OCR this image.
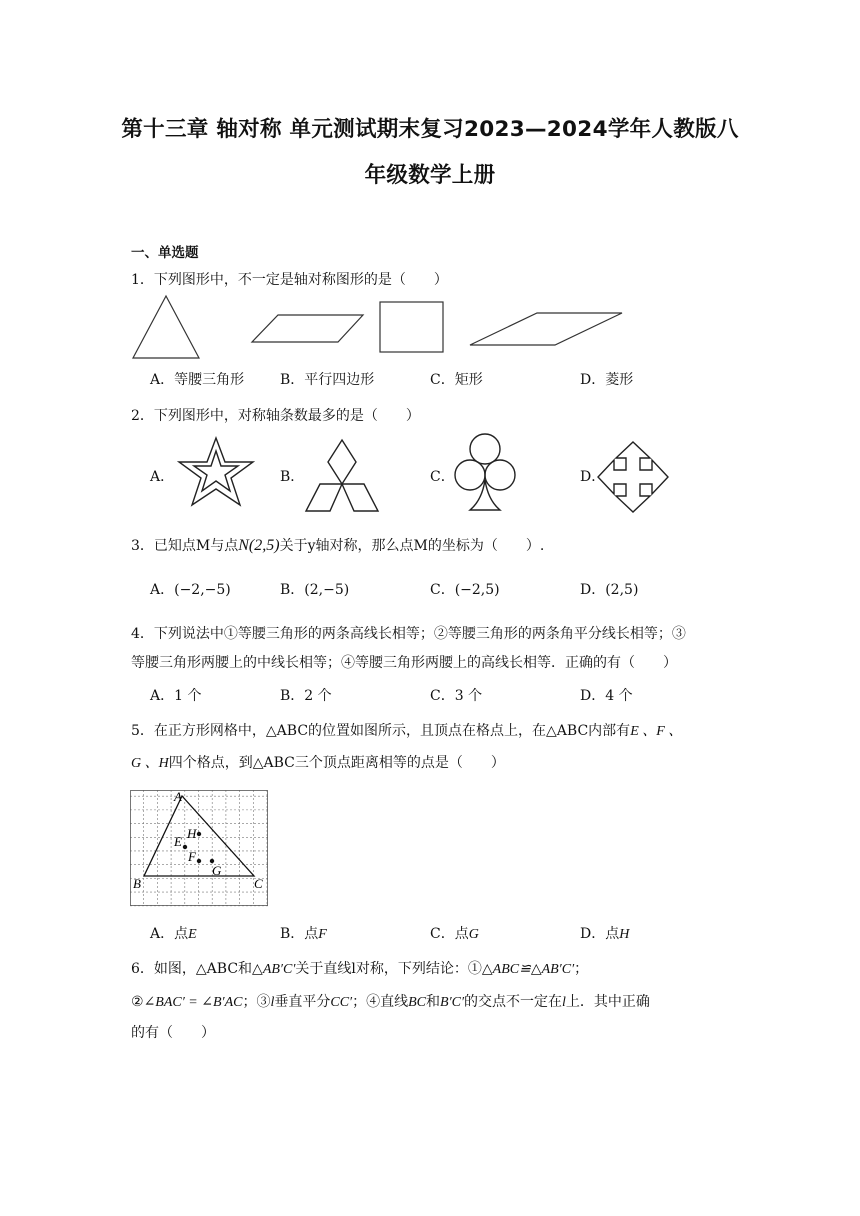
第十三章 轴对称 单元测试期末复习2023—2024学年人教版八
年级数学上册
一、单选题
1．下列图形中，不一定是轴对称图形的是（　　）
A．等腰三角形	B．平行四边形	C．矩形	D．菱形
2．下列图形中，对称轴条数最多的是（　　）
A．	B．	C．	D．
3．已知点M与点N(2,5)关于y轴对称，那么点M的坐标为（　　）.
A．(−2,−5)	B．(2,−5)	C．(−2,5)	D．(2,5)
4．下列说法中①等腰三角形的两条高线长相等；②等腰三角形的两条角平分线长相等；③
等腰三角形两腰上的中线长相等；④等腰三角形两腰上的高线长相等．正确的有（　　）
A．1 个	B．2 个	C．3 个	D．4 个
5．在正方形网格中，△ABC的位置如图所示，且顶点在格点上，在△ABC内部有E 、F 、
G 、H四个格点，到△ABC三个顶点距离相等的点是（　　）
A
H
E
F
G
B	C
A．点E	B．点F	C．点G	D．点H
6．如图，△ABC和△AB′C′关于直线l对称，下列结论：①△ABC≌△AB′C′；
②∠BAC′ = ∠B′AC；③l垂直平分CC′；④直线BC和B′C′的交点不一定在l上．其中正确
的有（　　）
